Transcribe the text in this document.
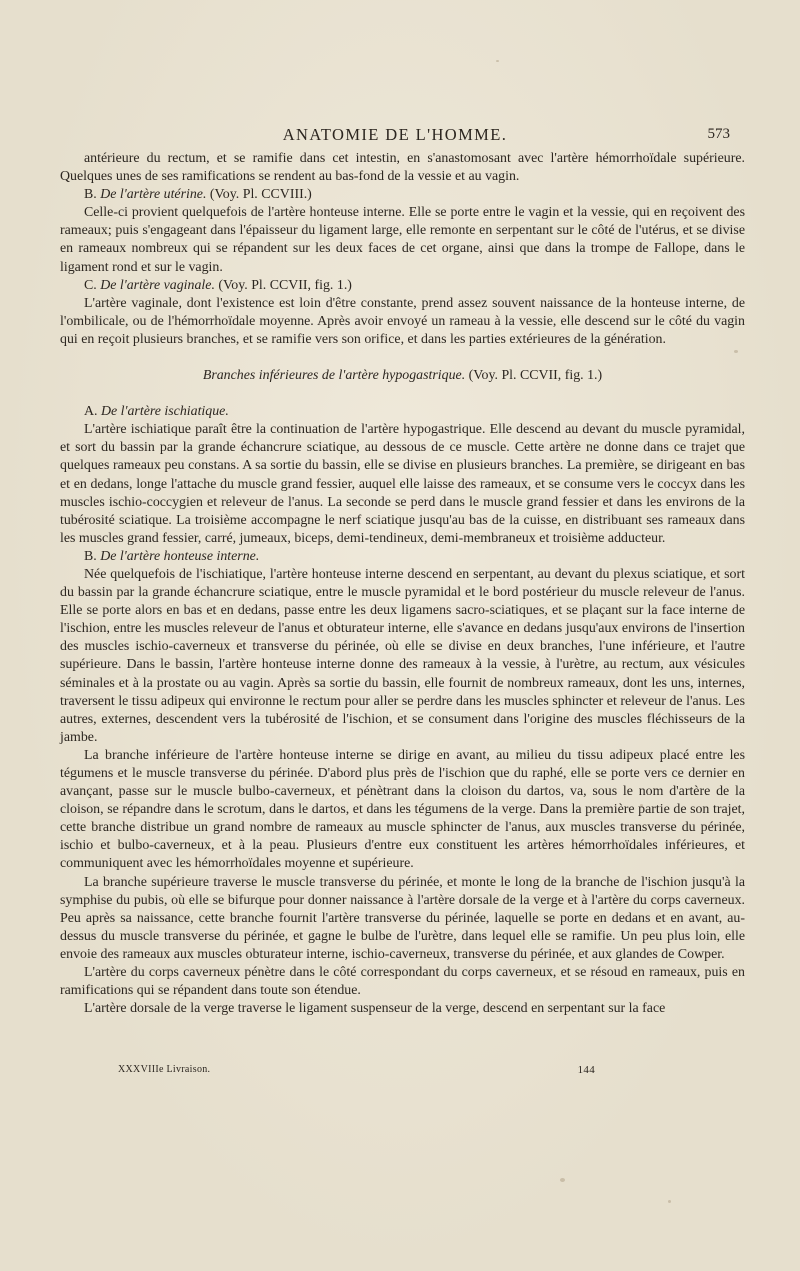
ANATOMIE DE L'HOMME.	573

antérieure du rectum, et se ramifie dans cet intestin, en s'anastomosant avec l'artère hémorrhoïdale supérieure. Quelques unes de ses ramifications se rendent au bas-fond de la vessie et au vagin.

B. De l'artère utérine. (Voy. Pl. CCVIII.)

Celle-ci provient quelquefois de l'artère honteuse interne. Elle se porte entre le vagin et la vessie, qui en reçoivent des rameaux; puis s'engageant dans l'épaisseur du ligament large, elle remonte en serpentant sur le côté de l'utérus, et se divise en rameaux nombreux qui se répandent sur les deux faces de cet organe, ainsi que dans la trompe de Fallope, dans le ligament rond et sur le vagin.

C. De l'artère vaginale. (Voy. Pl. CCVII, fig. 1.)

L'artère vaginale, dont l'existence est loin d'être constante, prend assez souvent naissance de la honteuse interne, de l'ombilicale, ou de l'hémorrhoïdale moyenne. Après avoir envoyé un rameau à la vessie, elle descend sur le côté du vagin qui en reçoit plusieurs branches, et se ramifie vers son orifice, et dans les parties extérieures de la génération.

Branches inférieures de l'artère hypogastrique. (Voy. Pl. CCVII, fig. 1.)

A. De l'artère ischiatique.

L'artère ischiatique paraît être la continuation de l'artère hypogastrique. Elle descend au devant du muscle pyramidal, et sort du bassin par la grande échancrure sciatique, au dessous de ce muscle. Cette artère ne donne dans ce trajet que quelques rameaux peu constans. A sa sortie du bassin, elle se divise en plusieurs branches. La première, se dirigeant en bas et en dedans, longe l'attache du muscle grand fessier, auquel elle laisse des rameaux, et se consume vers le coccyx dans les muscles ischio-coccygien et releveur de l'anus. La seconde se perd dans le muscle grand fessier et dans les environs de la tubérosité sciatique. La troisième accompagne le nerf sciatique jusqu'au bas de la cuisse, en distribuant ses rameaux dans les muscles grand fessier, carré, jumeaux, biceps, demi-tendineux, demi-membraneux et troisième adducteur.

B. De l'artère honteuse interne.

Née quelquefois de l'ischiatique, l'artère honteuse interne descend en serpentant, au devant du plexus sciatique, et sort du bassin par la grande échancrure sciatique, entre le muscle pyramidal et le bord postérieur du muscle releveur de l'anus. Elle se porte alors en bas et en dedans, passe entre les deux ligamens sacro-sciatiques, et se plaçant sur la face interne de l'ischion, entre les muscles releveur de l'anus et obturateur interne, elle s'avance en dedans jusqu'aux environs de l'insertion des muscles ischio-caverneux et transverse du périnée, où elle se divise en deux branches, l'une inférieure, et l'autre supérieure. Dans le bassin, l'artère honteuse interne donne des rameaux à la vessie, à l'urètre, au rectum, aux vésicules séminales et à la prostate ou au vagin. Après sa sortie du bassin, elle fournit de nombreux rameaux, dont les uns, internes, traversent le tissu adipeux qui environne le rectum pour aller se perdre dans les muscles sphincter et releveur de l'anus. Les autres, externes, descendent vers la tubérosité de l'ischion, et se consument dans l'origine des muscles fléchisseurs de la jambe.

La branche inférieure de l'artère honteuse interne se dirige en avant, au milieu du tissu adipeux placé entre les tégumens et le muscle transverse du périnée. D'abord plus près de l'ischion que du raphé, elle se porte vers ce dernier en avançant, passe sur le muscle bulbo-caverneux, et pénètrant dans la cloison du dartos, va, sous le nom d'artère de la cloison, se répandre dans le scrotum, dans le dartos, et dans les tégumens de la verge. Dans la première partie de son trajet, cette branche distribue un grand nombre de rameaux au muscle sphincter de l'anus, aux muscles transverse du périnée, ischio et bulbo-caverneux, et à la peau. Plusieurs d'entre eux constituent les artères hémorrhoïdales inférieures, et communiquent avec les hémorrhoïdales moyenne et supérieure.

La branche supérieure traverse le muscle transverse du périnée, et monte le long de la branche de l'ischion jusqu'à la symphise du pubis, où elle se bifurque pour donner naissance à l'artère dorsale de la verge et à l'artère du corps caverneux. Peu après sa naissance, cette branche fournit l'artère transverse du périnée, laquelle se porte en dedans et en avant, au-dessus du muscle transverse du périnée, et gagne le bulbe de l'urètre, dans lequel elle se ramifie. Un peu plus loin, elle envoie des rameaux aux muscles obturateur interne, ischio-caverneux, transverse du périnée, et aux glandes de Cowper.

L'artère du corps caverneux pénètre dans le côté correspondant du corps caverneux, et se résoud en rameaux, puis en ramifications qui se répandent dans toute son étendue.

L'artère dorsale de la verge traverse le ligament suspenseur de la verge, descend en serpentant sur la face

XXXVIIIe Livraison.	144
